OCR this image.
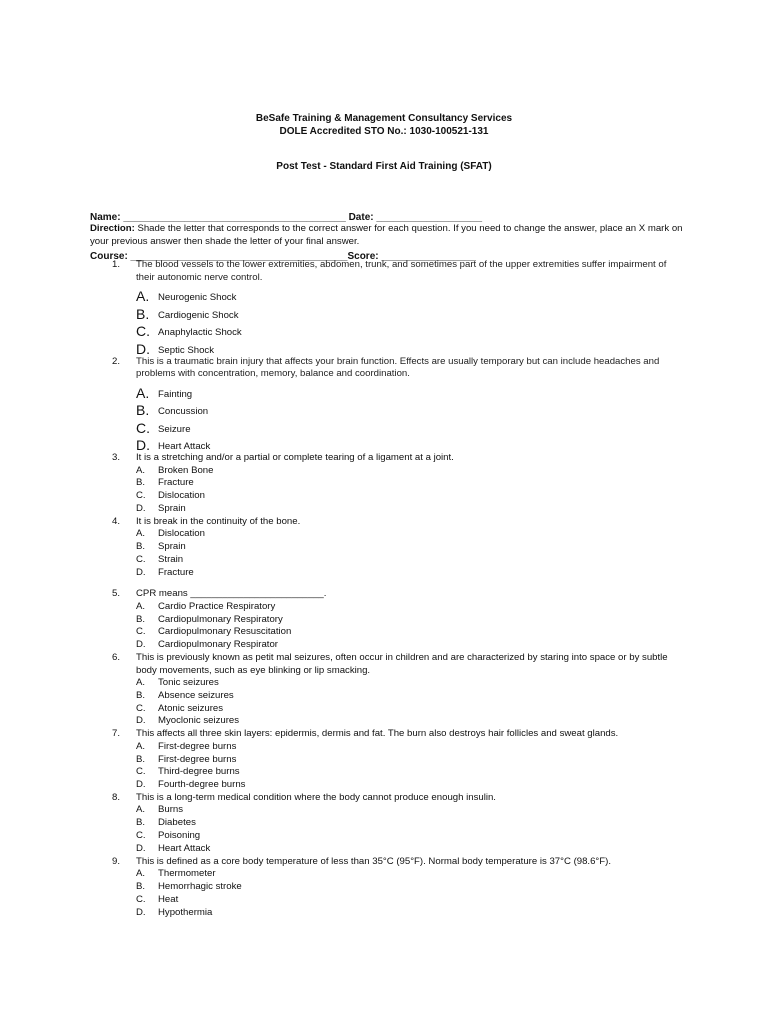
BeSafe Training & Management Consultancy Services
DOLE Accredited STO No.: 1030-100521-131
Post Test - Standard First Aid Training (SFAT)

Name: ________________________________________ Date: ___________________

Course: _______________________________________Score: _________________

Direction: Shade the letter that corresponds to the correct answer for each question. If you need to change the answer, place an X mark on your previous answer then shade the letter of your final answer.
1.	The blood vessels to the lower extremities, abdomen, trunk, and sometimes part of the upper extremities suffer impairment of their autonomic nerve control.
A. Neurogenic Shock
B. Cardiogenic Shock
C. Anaphylactic Shock
D. Septic Shock
2.	This is a traumatic brain injury that affects your brain function. Effects are usually temporary but can include headaches and problems with concentration, memory, balance and coordination.
A. Fainting
B. Concussion
C. Seizure
D. Heart Attack
3.	It is a stretching and/or a partial or complete tearing of a ligament at a joint.
A. Broken Bone
B. Fracture
C. Dislocation
D. Sprain
4.	It is break in the continuity of the bone.
A. Dislocation
B. Sprain
C. Strain
D. Fracture
5.	CPR means _________________________.
A. Cardio Practice Respiratory
B. Cardiopulmonary Respiratory
C. Cardiopulmonary Resuscitation
D. Cardiopulmonary Respirator
6.	This is previously known as petit mal seizures, often occur in children and are characterized by staring into space or by subtle body movements, such as eye blinking or lip smacking.
A. Tonic seizures
B. Absence seizures
C. Atonic seizures
D. Myoclonic seizures
7.	This affects all three skin layers: epidermis, dermis and fat. The burn also destroys hair follicles and sweat glands.
A. First-degree burns
B. First-degree burns
C. Third-degree burns
D. Fourth-degree burns
8.	This is a long-term medical condition where the body cannot produce enough insulin.
A. Burns
B. Diabetes
C. Poisoning
D. Heart Attack
9.	This is defined as a core body temperature of less than 35°C (95°F). Normal body temperature is 37°C (98.6°F).
A. Thermometer
B. Hemorrhagic stroke
C. Heat
D. Hypothermia
